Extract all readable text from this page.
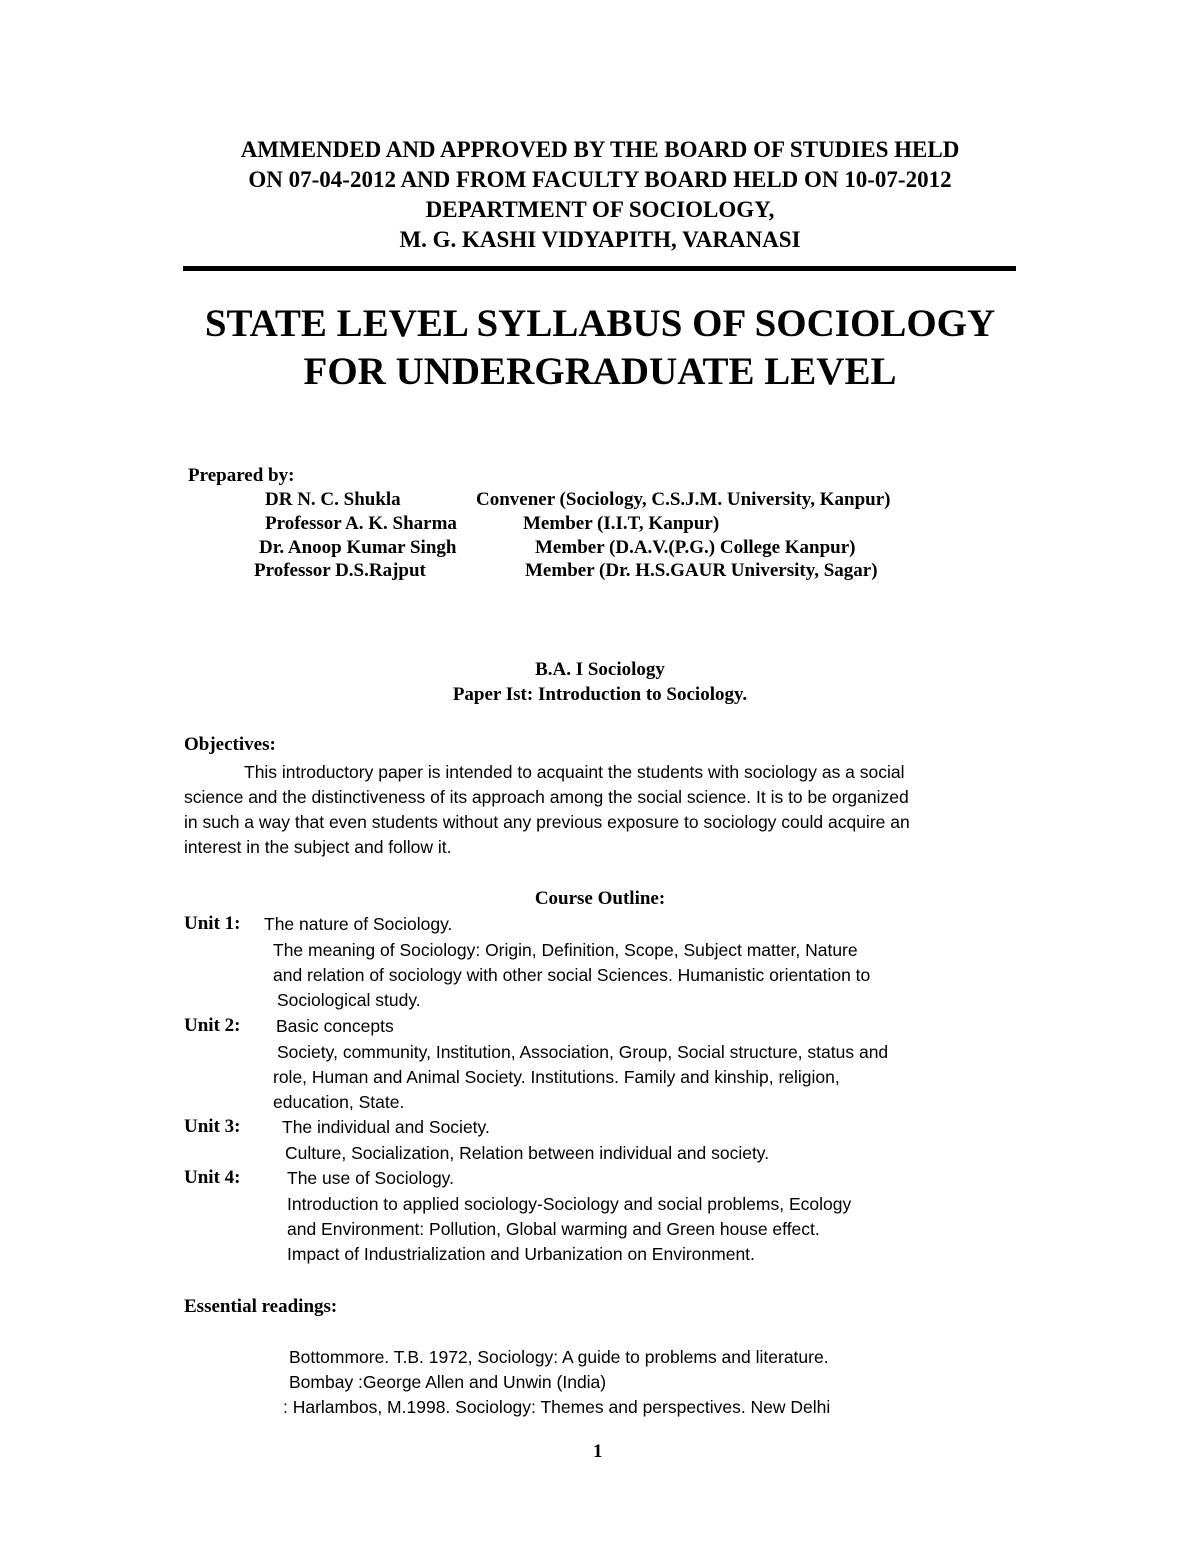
AMMENDED AND APPROVED BY THE BOARD OF STUDIES HELD
ON 07-04-2012 AND FROM FACULTY BOARD HELD ON 10-07-2012
DEPARTMENT OF SOCIOLOGY,
M. G. KASHI VIDYAPITH, VARANASI
STATE LEVEL SYLLABUS OF SOCIOLOGY
FOR UNDERGRADUATE LEVEL
Prepared by:
DR N. C. Shukla	Convener (Sociology, C.S.J.M. University, Kanpur)
Professor A. K. Sharma	Member (I.I.T, Kanpur)
Dr. Anoop Kumar Singh	Member (D.A.V.(P.G.) College Kanpur)
Professor D.S.Rajput	Member (Dr. H.S.GAUR University, Sagar)
B.A. I Sociology
Paper Ist: Introduction to Sociology.
Objectives:
This introductory paper is intended to acquaint the students with sociology as a social
science and the distinctiveness of its approach among the social science. It is to be organized
in such a way that even students without any previous exposure to sociology could acquire an
interest in the subject and follow it.
Course Outline:
Unit 1: The nature of Sociology.
The meaning of Sociology: Origin, Definition, Scope, Subject matter, Nature
and relation of sociology with other social Sciences. Humanistic orientation to
Sociological study.
Unit 2: Basic concepts
Society, community, Institution, Association, Group, Social structure, status and
role, Human and Animal Society. Institutions. Family and kinship, religion,
education, State.
Unit 3: The individual and Society.
Culture, Socialization, Relation between individual and society.
Unit 4:	The use of Sociology.
Introduction to applied sociology-Sociology and social problems, Ecology
and Environment: Pollution, Global warming and Green house effect.
Impact of Industrialization and Urbanization on Environment.
Essential readings:
Bottommore. T.B. 1972, Sociology: A guide to problems and literature.
Bombay :George Allen and Unwin (India)
: Harlambos, M.1998. Sociology: Themes and perspectives. New Delhi
1
